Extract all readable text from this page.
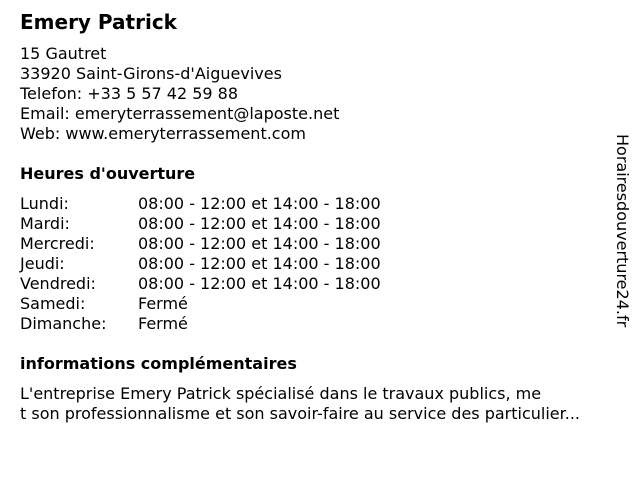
Emery Patrick
15 Gautret
33920 Saint-Girons-d'Aiguevives
Telefon: +33 5 57 42 59 88
Email: emeryterrassement@laposte.net
Web: www.emeryterrassement.com
Heures d'ouverture
Lundi:	08:00 - 12:00 et 14:00 - 18:00
Mardi:	08:00 - 12:00 et 14:00 - 18:00
Mercredi:	08:00 - 12:00 et 14:00 - 18:00
Jeudi:	08:00 - 12:00 et 14:00 - 18:00
Vendredi:	08:00 - 12:00 et 14:00 - 18:00
Samedi:	Fermé
Dimanche: Fermé
informations complémentaires
L'entreprise Emery Patrick spécialisé dans le travaux publics, me
t son professionnalisme et son savoir-faire au service des particulier...
Horairesdouverture24.fr
